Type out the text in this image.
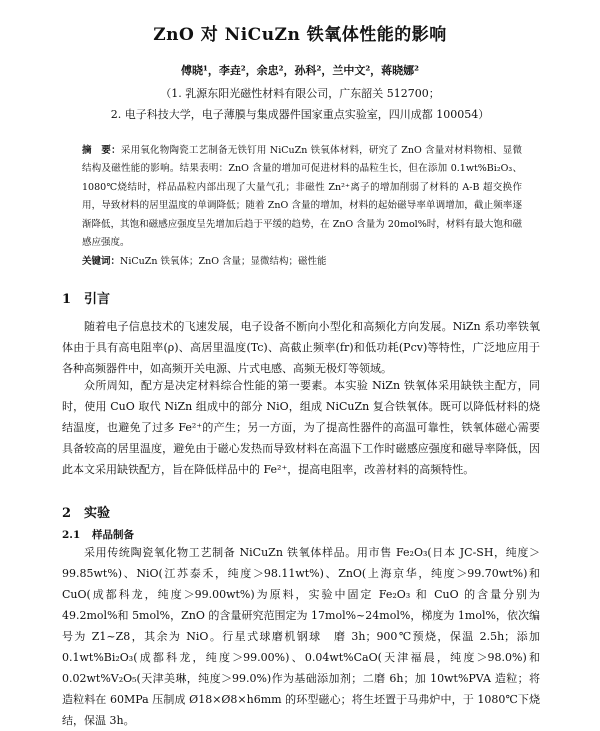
ZnO 对 NiCuZn 铁氧体性能的影响
傅晓¹，李垚²，余忠²，孙科²，兰中文²，蒋晓娜²
（1. 乳源东阳光磁性材料有限公司，广东韶关 512700；
2. 电子科技大学，电子薄膜与集成器件国家重点实验室，四川成都 100054）
摘　要：采用氧化物陶瓷工艺制备无铁钉用 NiCuZn 铁氧体材料，研究了 ZnO 含量对材料物相、显微结构及磁性能的影响。结果表明：ZnO 含量的增加可促进材料的晶粒生长，但在添加 0.1wt%Bi₂O₃、1080℃烧结时，样品晶粒内部出现了大量气孔；非磁性 Zn²⁺离子的增加削弱了材料的 A-B 超交换作用，导致材料的居里温度的单调降低；随着 ZnO 含量的增加，材料的起始磁导率单调增加，截止频率逐渐降低，其饱和磁感应强度呈先增加后趋于平缓的趋势，在 ZnO 含量为 20mol%时，材料有最大饱和磁感应强度。
关键词：NiCuZn 铁氧体；ZnO 含量；显微结构；磁性能
1 引言
随着电子信息技术的飞速发展，电子设备不断向小型化和高频化方向发展。NiZn 系功率铁氧体由于具有高电阻率(ρ)、高居里温度(Tc)、高截止频率(fr)和低功耗(Pcv)等特性，广泛地应用于各种高频器件中，如高频开关电源、片式电感、高频无极灯等领域。
众所周知，配方是决定材料综合性能的第一要素。本实验 NiZn 铁氧体采用缺铁主配方，同时，使用 CuO 取代 NiZn 组成中的部分 NiO，组成 NiCuZn 复合铁氧体。既可以降低材料的烧结温度，也避免了过多 Fe²⁺的产生；另一方面，为了提高性器件的高温可靠性，铁氧体磁心需要具备较高的居里温度，避免由于磁心发热而导致材料在高温下工作时磁感应强度和磁导率降低，因此本文采用缺铁配方，旨在降低样品中的 Fe²⁺，提高电阻率，改善材料的高频特性。
2 实验
2.1 样品制备
采用传统陶瓷氧化物工艺制备 NiCuZn 铁氧体样品。用市售 Fe₂O₃(日本 JC-SH，纯度＞99.85wt%)、NiO(江苏泰禾，纯度＞98.11wt%)、ZnO(上海京华，纯度＞99.70wt%)和 CuO(成都科龙，纯度＞99.00wt%)为原料，实验中固定 Fe₂O₃ 和 CuO 的含量分别为 49.2mol%和 5mol%，ZnO 的含量研究范围定为 17mol%~24mol%，梯度为 1mol%，依次编号为 Z1~Z8，其余为 NiO。行星式球磨机钢球　磨 3h；900℃预烧，保温 2.5h；添加 0.1wt%Bi₂O₃(成都科龙，纯度＞99.00%)、0.04wt%CaO(天津福晨，纯度＞98.0%)和 0.02wt%V₂O₅(天津美琳，纯度＞99.0%)作为基础添加剂；二磨 6h；加 10wt%PVA 造粒；将造粒料在 60MPa 压制成 Ø18×Ø8×h6mm 的环型磁心；将生坯置于马弗炉中，于 1080℃下烧结，保温 3h。
